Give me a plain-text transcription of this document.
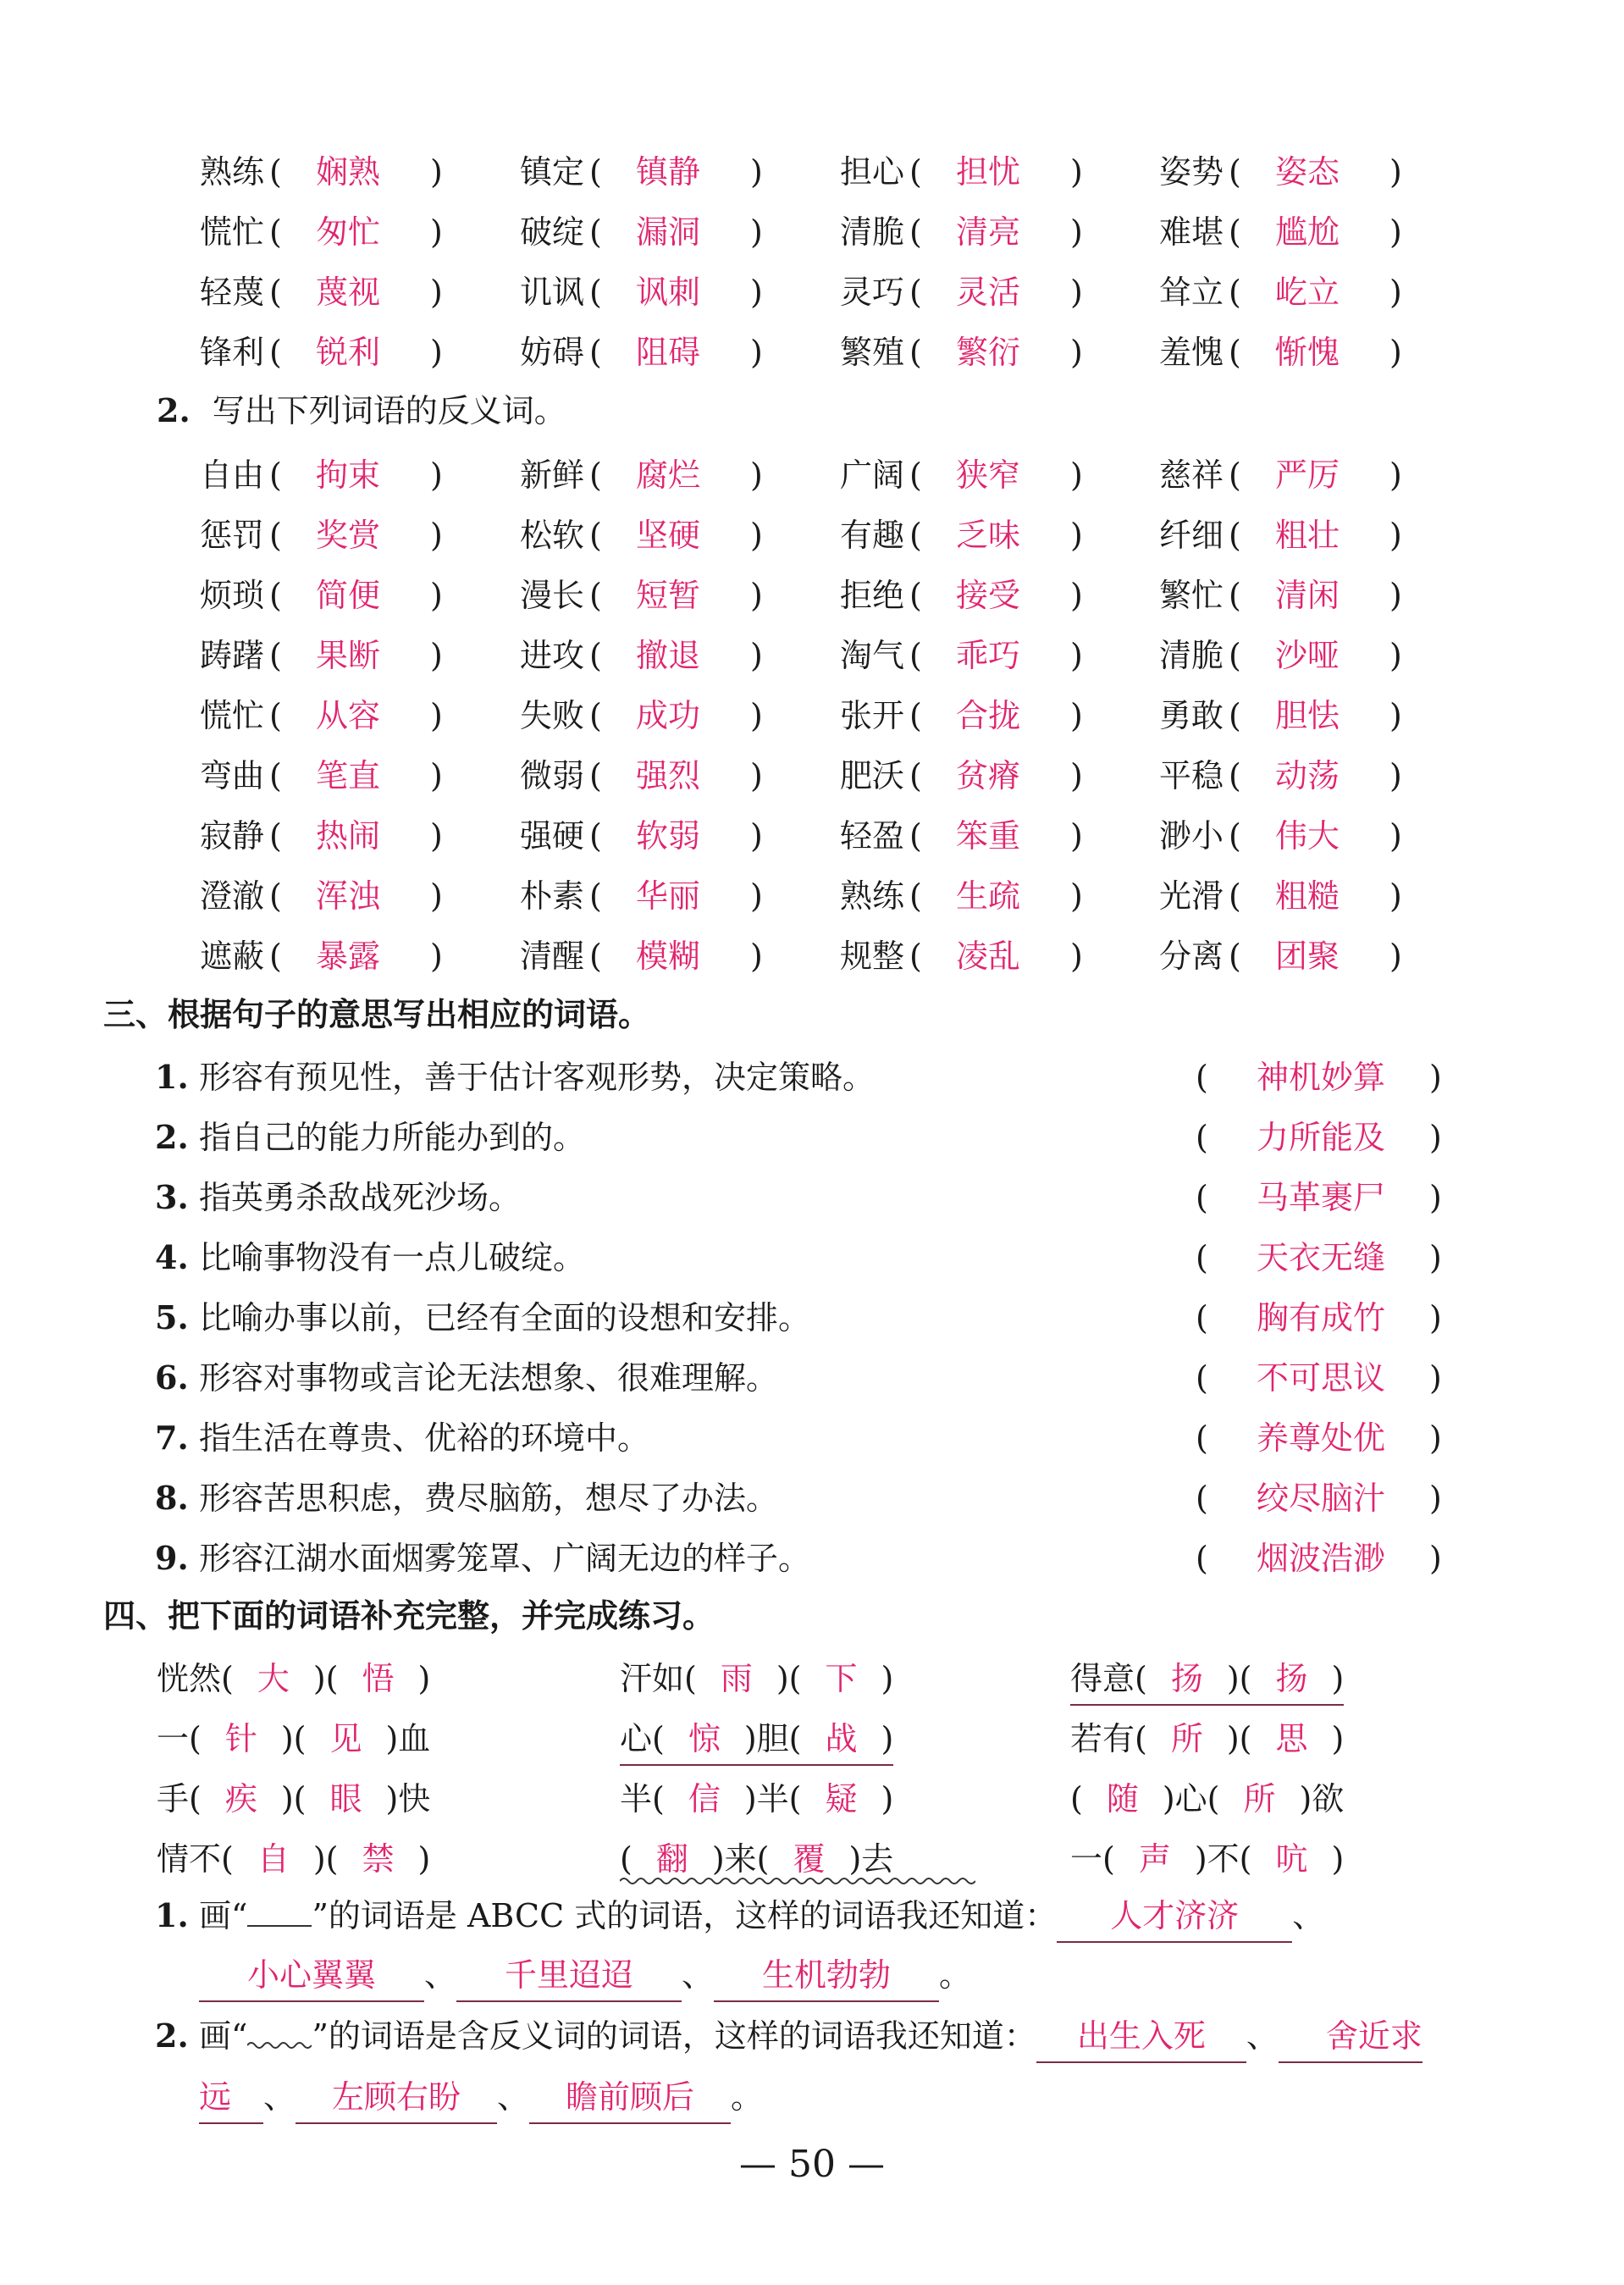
熟练 (	娴熟	) 镇定 (	镇静	) 担心 (	担忧	) 姿势 (	姿态	)
慌忙 (	匆忙	) 破绽 (	漏洞	) 清脆 (	清亮	) 难堪 (	尴尬	)
轻蔑 (	蔑视	) 讥讽 (	讽刺	) 灵巧 (	灵活	) 耸立 (	屹立	)
锋利 (	锐利	) 妨碍 (	阻碍	) 繁殖 (	繁衍	) 羞愧 (	惭愧	)
2. 写出下列词语的反义词。
自由 (	拘束	) 新鲜 (	腐烂	) 广阔 (	狭窄	) 慈祥 (	严厉	)
惩罚 (	奖赏	) 松软 (	坚硬	) 有趣 (	乏味	) 纤细 (	粗壮	)
烦琐 (	简便	) 漫长 (	短暂	) 拒绝 (	接受	) 繁忙 (	清闲	)
踌躇 (	果断	) 进攻 (	撤退	) 淘气 (	乖巧	) 清脆 (	沙哑	)
慌忙 (	从容	) 失败 (	成功	) 张开 (	合拢	) 勇敢 (	胆怯	)
弯曲 (	笔直	) 微弱 (	强烈	) 肥沃 (	贫瘠	) 平稳 (	动荡	)
寂静 (	热闹	) 强硬 (	软弱	) 轻盈 (	笨重	) 渺小 (	伟大	)
澄澈 (	浑浊	) 朴素 (	华丽	) 熟练 (	生疏	) 光滑 (	粗糙	)
遮蔽 (	暴露	) 清醒 (	模糊	) 规整 (	凌乱	) 分离 (	团聚	)
三、根据句子的意思写出相应的词语。
1. 形容有预见性，善于估计客观形势，决定策略。	(	神机妙算	)
2. 指自己的能力所能办到的。	(	力所能及	)
3. 指英勇杀敌战死沙场。	(	马革裹尸	)
4. 比喻事物没有一点儿破绽。	(	天衣无缝	)
5. 比喻办事以前，已经有全面的设想和安排。	(	胸有成竹	)
6. 形容对事物或言论无法想象、很难理解。	(	不可思议	)
7. 指生活在尊贵、优裕的环境中。	(	养尊处优	)
8. 形容苦思积虑，费尽脑筋，想尽了办法。	(	绞尽脑汁	)
9. 形容江湖水面烟雾笼罩、广阔无边的样子。	(	烟波浩渺	)
四、把下面的词语补充完整，并完成练习。
恍然( 大 )( 悟 )	汗如( 雨 )( 下 )	得意( 扬 )( 扬 )
一( 针 )( 见 )血	心( 惊 )胆( 战 )	若有( 所 )( 思 )
手( 疾 )( 眼 )快	半( 信 )半( 疑 )	( 随 )心( 所 )欲
情不( 自 )( 禁 )	( 翻 )来( 覆 )去	一( 声 )不( 吭 )
1. 画“ ”的词语是 ABCC 式的词语，这样的词语我还知道： 人才济济 、
小心翼翼 、 千里迢迢 、 生机勃勃 。
2. 画“ ”的词语是含反义词的词语，这样的词语我还知道： 出生入死 、 舍近求
远 、 左顾右盼 、 瞻前顾后 。
— 50 —
